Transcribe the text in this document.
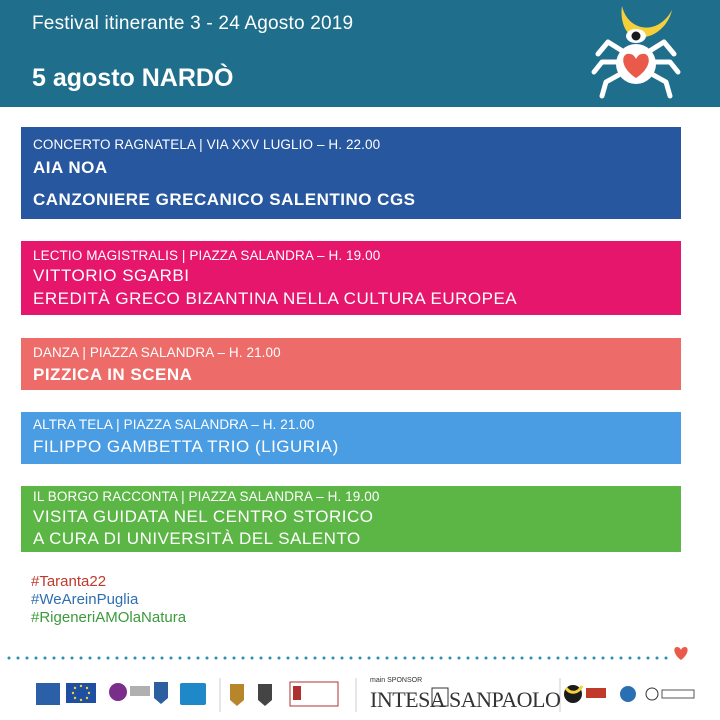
Festival itinerante 3 - 24 Agosto 2019
5 agosto NARDÒ
CONCERTO RAGNATELA | VIA XXV LUGLIO – H. 22.00
AIA NOA
CANZONIERE GRECANICO SALENTINO CGS
LECTIO MAGISTRALIS | PIAZZA SALANDRA – H. 19.00
VITTORIO SGARBI
EREDITÀ GRECO BIZANTINA NELLA CULTURA EUROPEA
DANZA | PIAZZA SALANDRA – H. 21.00
PIZZICA IN SCENA
ALTRA TELA | PIAZZA SALANDRA – H. 21.00
FILIPPO GAMBETTA TRIO (LIGURIA)
IL BORGO RACCONTA | PIAZZA SALANDRA – H. 19.00
VISITA GUIDATA NEL CENTRO STORICO
A CURA DI UNIVERSITÀ DEL SALENTO
#Taranta22
#WeAreinPuglia
#RigeneriAMOlaNatura
main SPONSOR
INTESA SANPAOLO
